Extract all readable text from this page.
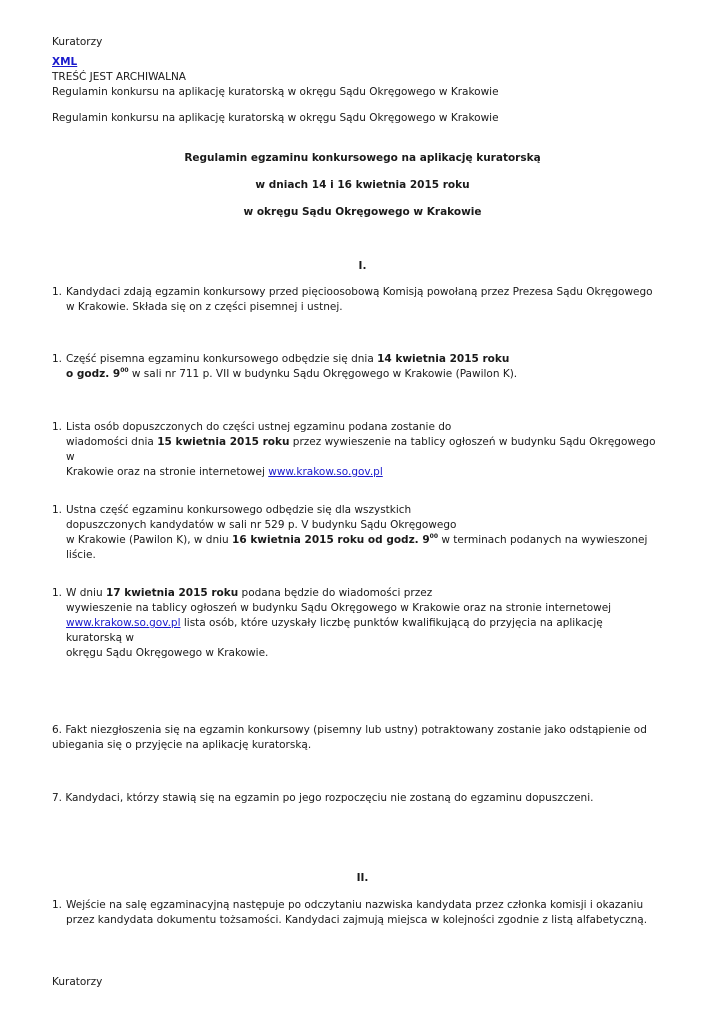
Kuratorzy
XML
TREŚĆ JEST ARCHIWALNA
Regulamin konkursu na aplikację kuratorską w okręgu Sądu Okręgowego w Krakowie
Regulamin konkursu na aplikację kuratorską w okręgu Sądu Okręgowego w Krakowie
Regulamin egzaminu konkursowego na aplikację kuratorską
w dniach 14 i 16 kwietnia 2015 roku
w okręgu Sądu Okręgowego w Krakowie
I.
1. Kandydaci zdają egzamin konkursowy przed pięcioosobową Komisją powołaną przez Prezesa Sądu Okręgowego w Krakowie. Składa się on z części pisemnej i ustnej.
1. Część pisemna egzaminu konkursowego odbędzie się dnia 14 kwietnia 2015 roku
o godz. $9^{00}$ w sali nr 711 p. VII w budynku Sądu Okręgowego w Krakowie (Pawilon K).
1. Lista osób dopuszczonych do części ustnej egzaminu podana zostanie do
wiadomości dnia 15 kwietnia 2015 roku przez wywieszenie na tablicy ogłoszeń w budynku Sądu Okręgowego w
Krakowie oraz na stronie internetowej www.krakow.so.gov.pl
1. Ustna część egzaminu konkursowego odbędzie się dla wszystkich
dopuszczonych kandydatów w sali nr 529 p. V budynku Sądu Okręgowego
w Krakowie (Pawilon K), w dniu 16 kwietnia 2015 roku od godz. $9^{00}$ w terminach podanych na wywieszonej liście.
1. W dniu 17 kwietnia 2015 roku podana będzie do wiadomości przez
wywieszenie na tablicy ogłoszeń w budynku Sądu Okręgowego w Krakowie oraz na stronie internetowej
www.krakow.so.gov.pl lista osób, które uzyskały liczbę punktów kwalifikującą do przyjęcia na aplikację kuratorską w
okręgu Sądu Okręgowego w Krakowie.
6. Fakt niezgłoszenia się na egzamin konkursowy (pisemny lub ustny) potraktowany zostanie jako odstąpienie od ubiegania się o przyjęcie na aplikację kuratorską.
7. Kandydaci, którzy stawią się na egzamin po jego rozpoczęciu nie zostaną do egzaminu dopuszczeni.
II.
1. Wejście na salę egzaminacyjną następuje po odczytaniu nazwiska kandydata przez członka komisji i okazaniu przez kandydata dokumentu tożsamości. Kandydaci zajmują miejsca w kolejności zgodnie z listą alfabetyczną.
Kuratorzy
